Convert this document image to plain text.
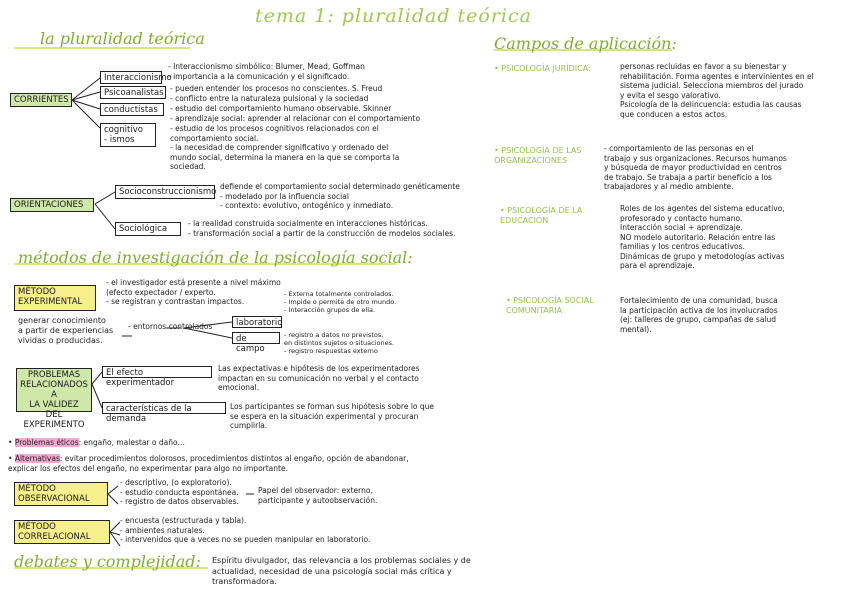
tema 1: pluralidad teórica
la pluralidad teórica
CORRIENTES
Interaccionismo
- Interaccionismo simbólico: Blumer, Mead, Goffman
- importancia a la comunicación y el significado.
Psicoanalistas - pueden entender los procesos no conscientes. S. Freud
- conflicto entre la naturaleza pulsional y la sociedad
conductistas	- estudio del comportamiento humano observable. Skinner
- aprendizaje social: aprender al relacionar con el comportamiento
cognitivo
- ismos
- estudio de los procesos cognitivos relacionados con el
comportamiento social.
- la necesidad de comprender significativo y ordenado del
mundo social, determina la manera en la que se comporta la
sociedad.
ORIENTACIONES
Socioconstruccionismo
defiende el comportamiento social determinado genéticamente
- modelado por la influencia social
- contexto: evolutivo, ontogénico y inmediato.
Sociológica
- la realidad construida socialmente en interacciones históricas.
- transformación social a partir de la construcción de modelos sociales.
métodos de investigación de la psicología social:
MÉTODO
EXPERIMENTAL
- el investigador está presente a nivel máximo
(efecto expectador / experto.
- se registran y contrastan impactos.
generar conocimiento
a partir de experiencias
vividas o producidas.
- entornos controlados	laboratorio
de campo
- Externa totalmente controlados.
- Impide o permite de otro mundo.
- Interacción grupos de ella.
- registro a datos no previstos,
en distintos sujetos o situaciones.
- registro respuestas externo
PROBLEMAS
RELACIONADOS A
LA VALIDEZ DEL
EXPERIMENTO
El efecto experimentador
Las expectativas e hipótesis de los experimentadores
impactan en su comunicación no verbal y el contacto
emocional.
características de la demanda
Los participantes se forman sus hipótesis sobre lo que
se espera en la situación experimental y procuran
cumplirla.
• Problemas éticos: engaño, malestar o daño…
• Alternativas: evitar procedimientos dolorosos, procedimientos distintos al engaño, opción de abandonar,
explicar los efectos del engaño, no experimentar para algo no importante.
MÉTODO
OBSERVACIONAL
- descriptivo, (o exploratorio).
- estudio conducta espontánea.
- registro de datos observables.
Papel del observador: externo,
participante y autoobservación.
MÉTODO
CORRELACIONAL
- encuesta (estructurada y tabla).
- ambientes naturales.
- intervenidos que a veces no se pueden manipular en laboratorio.
debates y complejidad: Espíritu divulgador, das relevancia a los problemas sociales y de
actualidad, necesidad de una psicología social más crítica y
transformadora.
Campos de aplicación:
• PSICOLOGÍA JURÍDICA:	personas recluidas en favor a su bienestar y
rehabilitación. Forma agentes e intervinientes en el
sistema judicial. Selecciona miembros del jurado
y evita el sesgo valorativo.
Psicología de la delincuencia: estudia las causas
que conducen a estos actos.
• PSICOLOGÍA DE LAS
ORGANIZACIONES
- comportamiento de las personas en el
trabajo y sus organizaciones. Recursos humanos
y búsqueda de mayor productividad en centros
de trabajo. Se trabaja a partir beneficio a los
trabajadores y al medio ambiente.
• PSICOLOGÍA DE LA
EDUCACIÓN
Roles de los agentes del sistema educativo,
profesorado y contacto humano.
Interacción social + aprendizaje.
NO modelo autoritario. Relación entre las
familias y los centros educativos.
Dinámicas de grupo y metodologías activas
para el aprendizaje.
• PSICOLOGÍA SOCIAL
COMUNITARIA
Fortalecimiento de una comunidad, busca
la participación activa de los involucrados
(ej: talleres de grupo, campañas de salud
mental).
